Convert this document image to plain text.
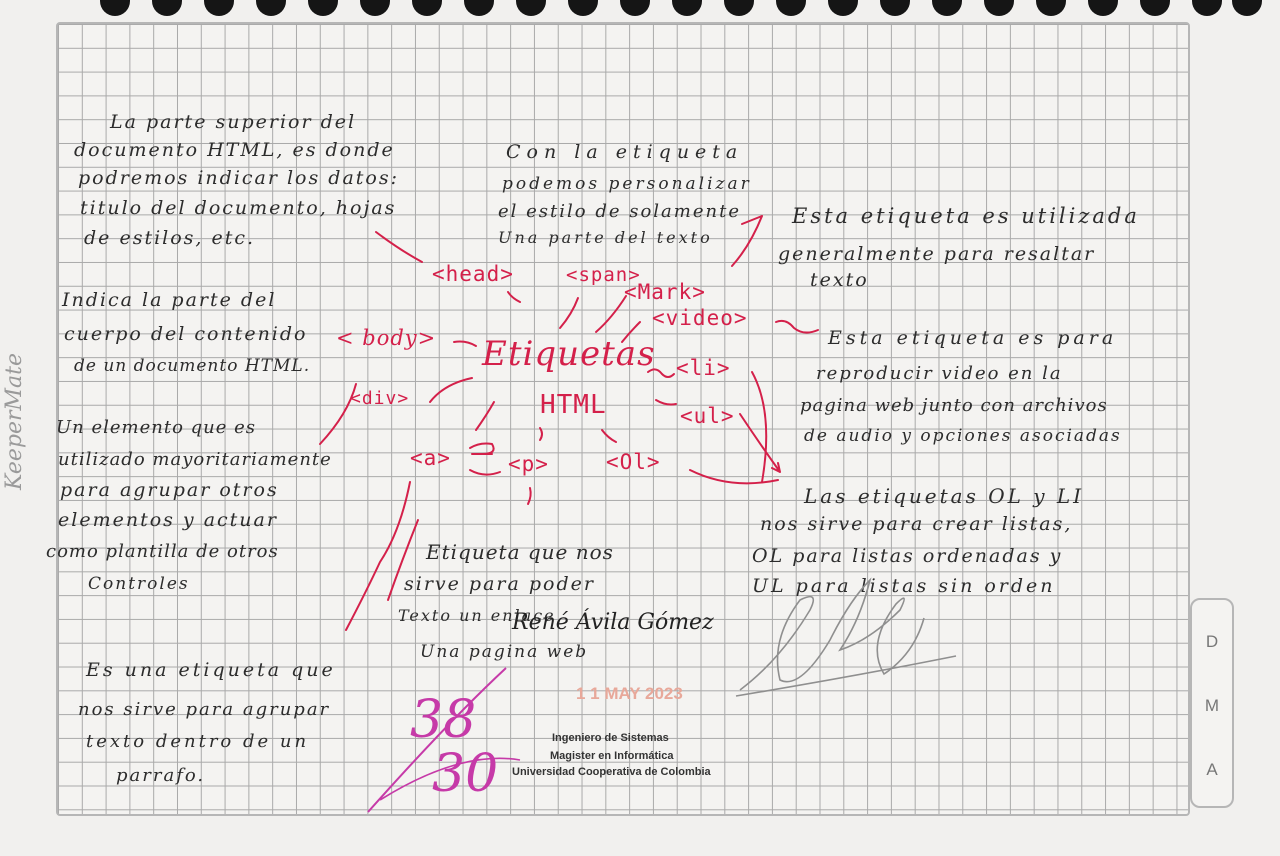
KeeperMate
La parte superior del
documento HTML, es donde
podremos indicar los datos:
titulo del documento, hojas
de estilos, etc.
Con la etiqueta
podemos personalizar
el estilo de solamente
Una parte del texto
Esta etiqueta es utilizada
generalmente para resaltar
texto
Indica la parte del
cuerpo del contenido
de un documento HTML.
Esta etiqueta es para
reproducir video en la
pagina web junto con archivos
de audio y opciones asociadas
Un elemento que es
utilizado mayoritariamente
para agrupar otros
elementos y actuar
como plantilla de otros
Controles
Las etiquetas OL y LI
nos sirve para crear listas,
OL para listas ordenadas y
UL para listas sin orden
Etiqueta que nos
sirve para poder
Texto un enlace
Una pagina web
Es una etiqueta que
nos sirve para agrupar
texto dentro de un
parrafo.
<head>	<span>
<Mark>
<video>
< body> Etiquetas <li>
<div>	HTML	<ul>
<a>	<p>	<Ol>
René Ávila Gómez
1 1 MAY 2023
Ingeniero de Sistemas
Magister en Informática
Universidad Cooperativa de Colombia
38
30
D
M
A
